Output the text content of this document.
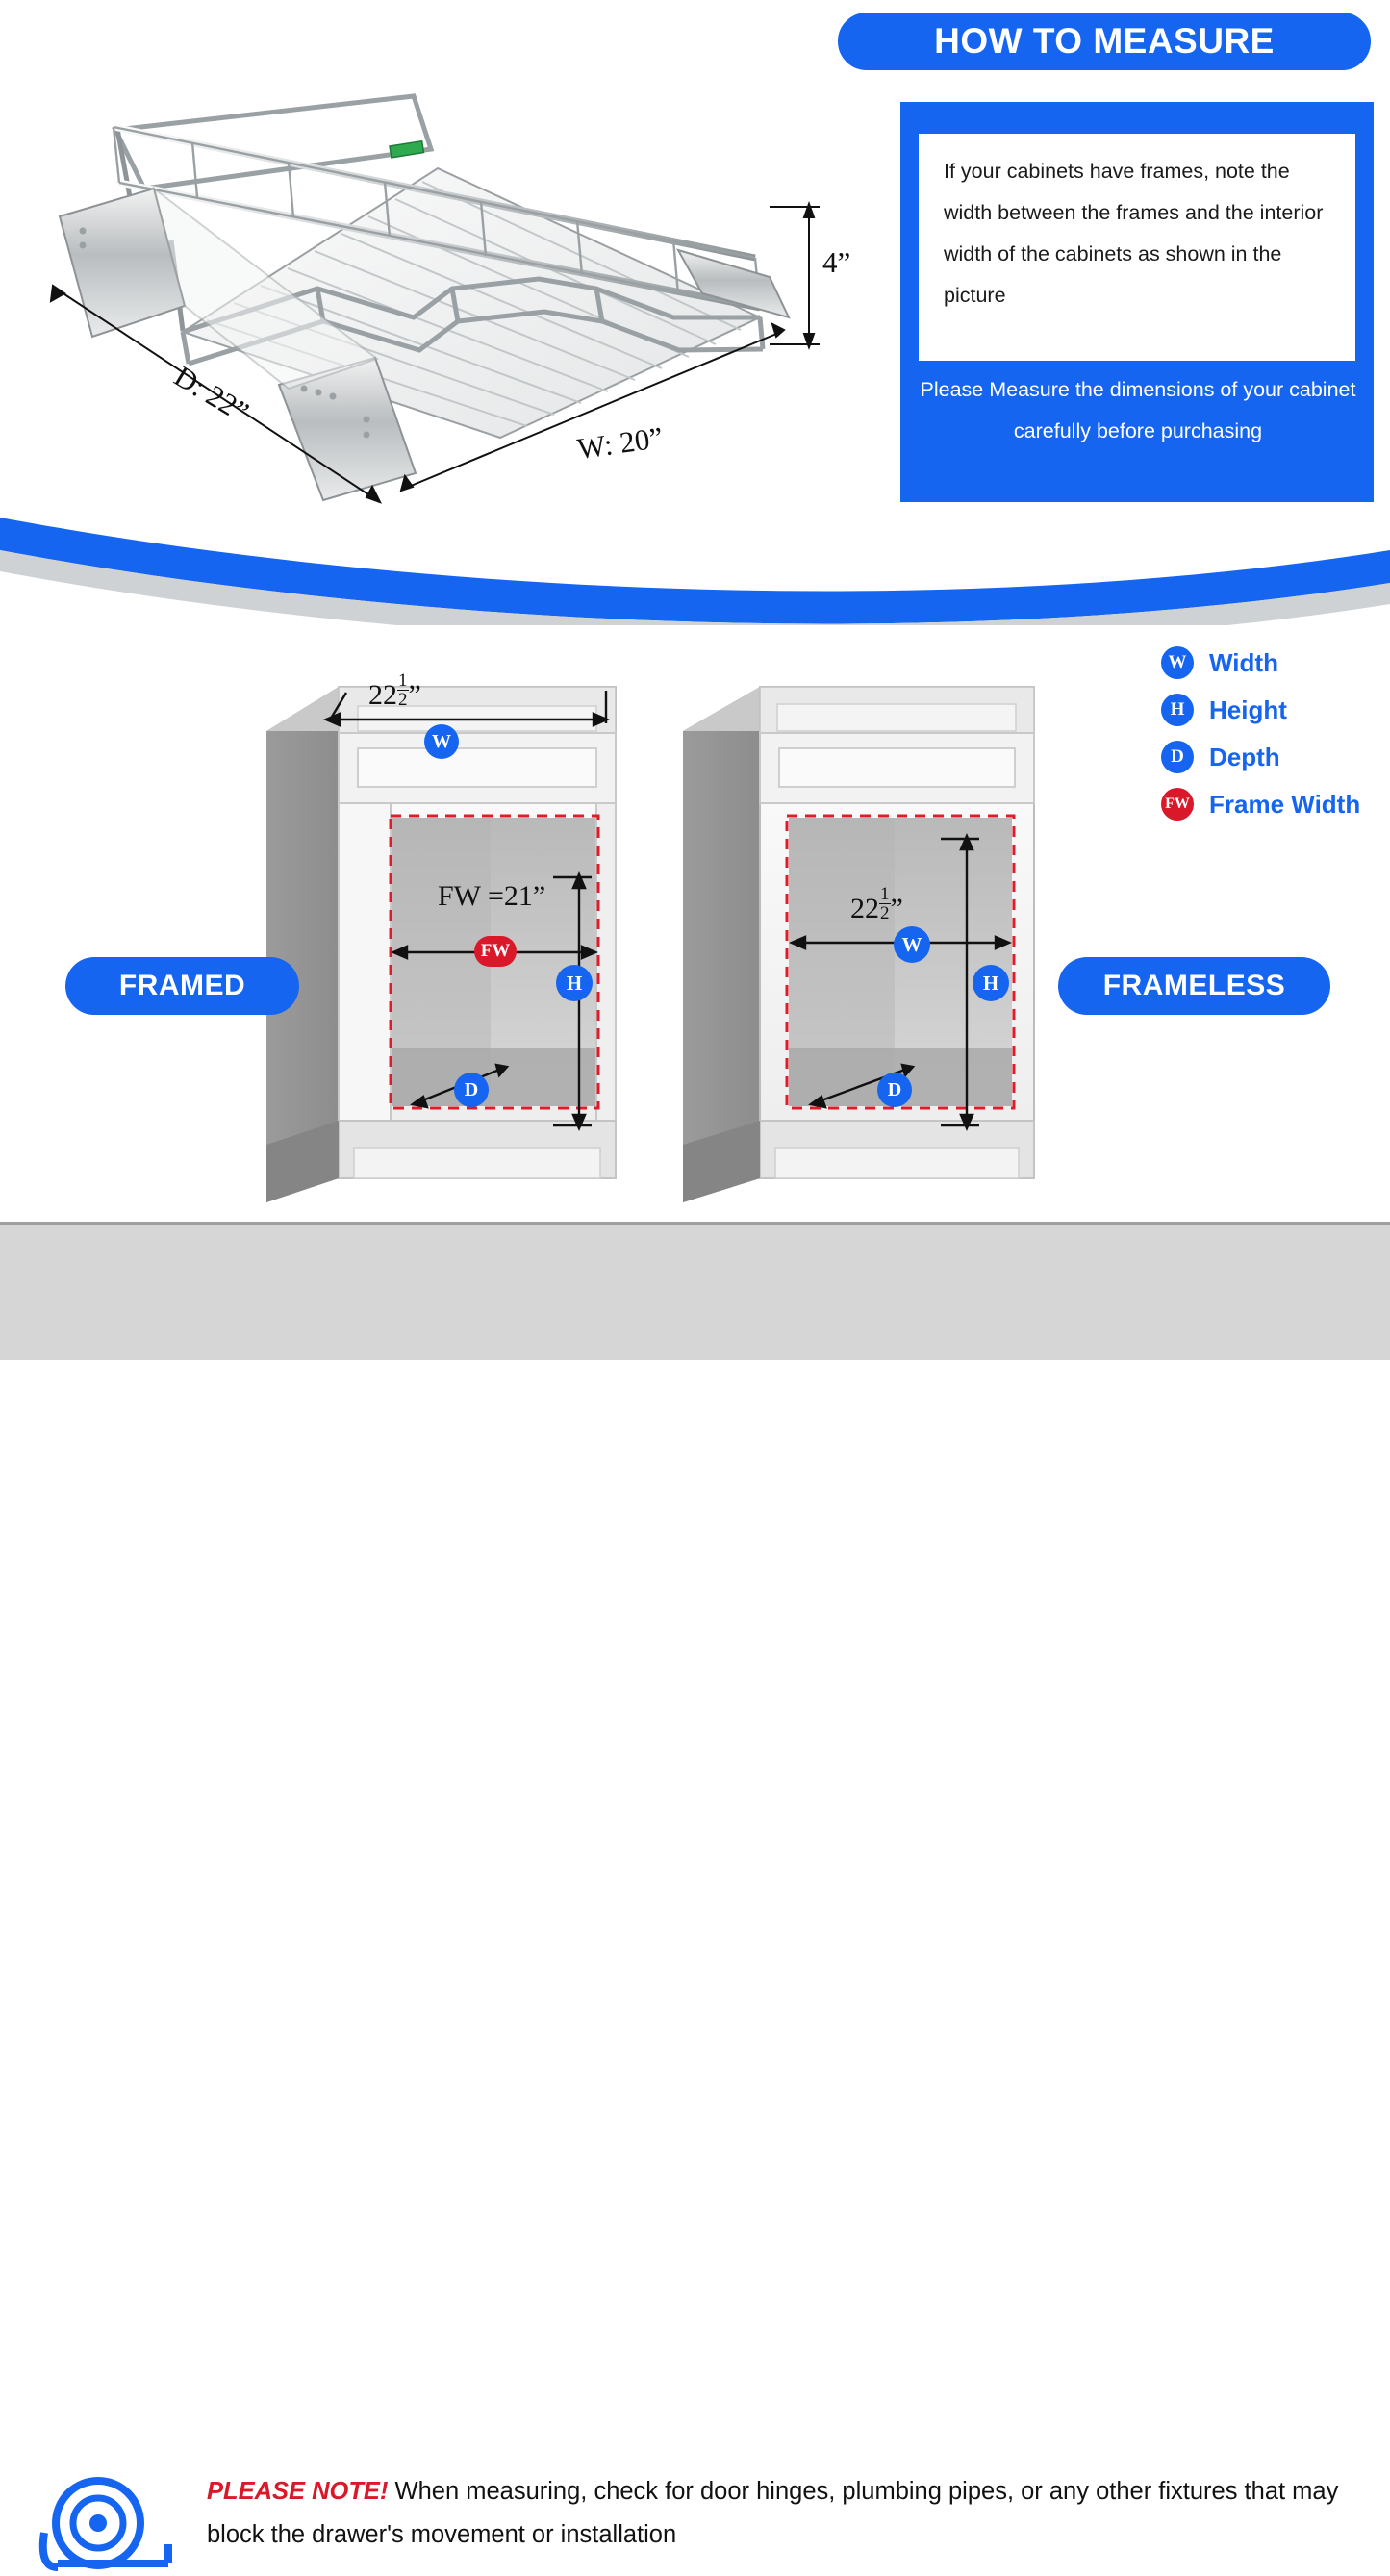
4”
D: 22”
W: 20”
HOW TO MEASURE

If your cabinets have frames, note the width between the frames and the interior width of the cabinets as shown in the picture

Please Measure the dimensions of your cabinet carefully before purchasing
$22 \frac{1}{2}$ ”
FW =21”
W
FW
H
D
$22 \frac{1}{2}$ ”
W
H
D
FRAMED	FRAMELESS
W Width
H Height
D	Depth
FW Frame Width
PLEASE NOTE! When measuring, check for door hinges, plumbing pipes, or any other fixtures that may block the drawer's movement or installation
